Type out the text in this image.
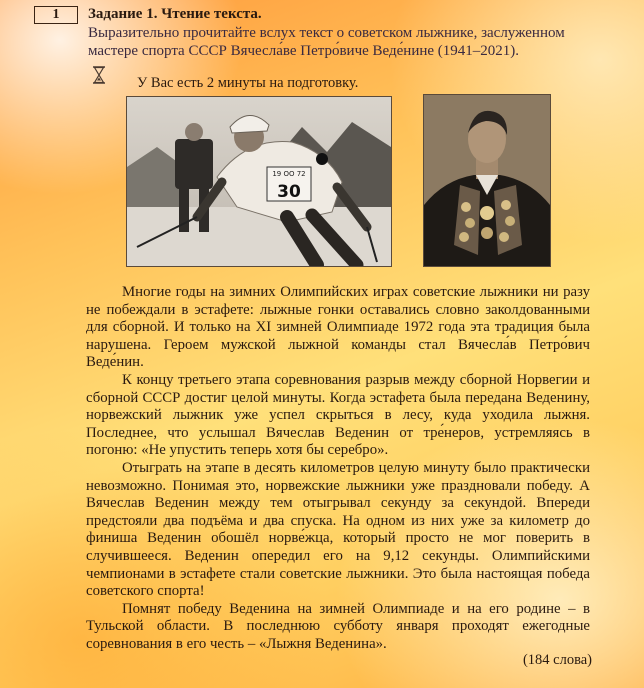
1	Задание 1. Чтение текста.
Выразительно прочитайте вслух текст о советском лыжнике, заслуженном мастере спорта СССР Вячесла́ве Петро́виче Веде́нине (1941–2021).
У Вас есть 2 минуты на подготовку.
19 OO 72
30

Многие годы на зимних Олимпийских играх советские лыжники ни разу не побеждали в эстафете: лыжные гонки оставались словно заколдованными для сборной. И только на XI зимней Олимпиаде 1972 года эта традиция была нарушена. Героем мужской лыжной команды стал Вячесла́в Петро́вич Веде́нин.

К концу третьего этапа соревнования разрыв между сборной Норвегии и сборной СССР достиг целой минуты. Когда эстафета была передана Веденину, норвежский лыжник уже успел скрыться в лесу, куда уходила лыжня. Последнее, что услышал Вячеслав Веденин от тре́неров, устремляясь в погоню: «Не упустить теперь хотя бы серебро».

Отыграть на этапе в десять километров целую минуту было практически невозможно. Понимая это, норвежские лыжники уже праздновали победу. А Вячеслав Веденин между тем отыгрывал секунду за секундой. Впереди предстояли два подъёма и два спуска. На одном из них уже за километр до финиша Веденин обошёл норве́жца, который просто не мог поверить в случившееся. Веденин опередил его на 9,12 секунды. Олимпийскими чемпионами в эстафете стали советские лыжники. Это была настоящая победа советского спорта!

Помнят победу Веденина на зимней Олимпиаде и на его родине – в Тульской области. В последнюю субботу января проходят ежегодные соревнования в его честь – «Лыжня Веденина».

(184 слова)
